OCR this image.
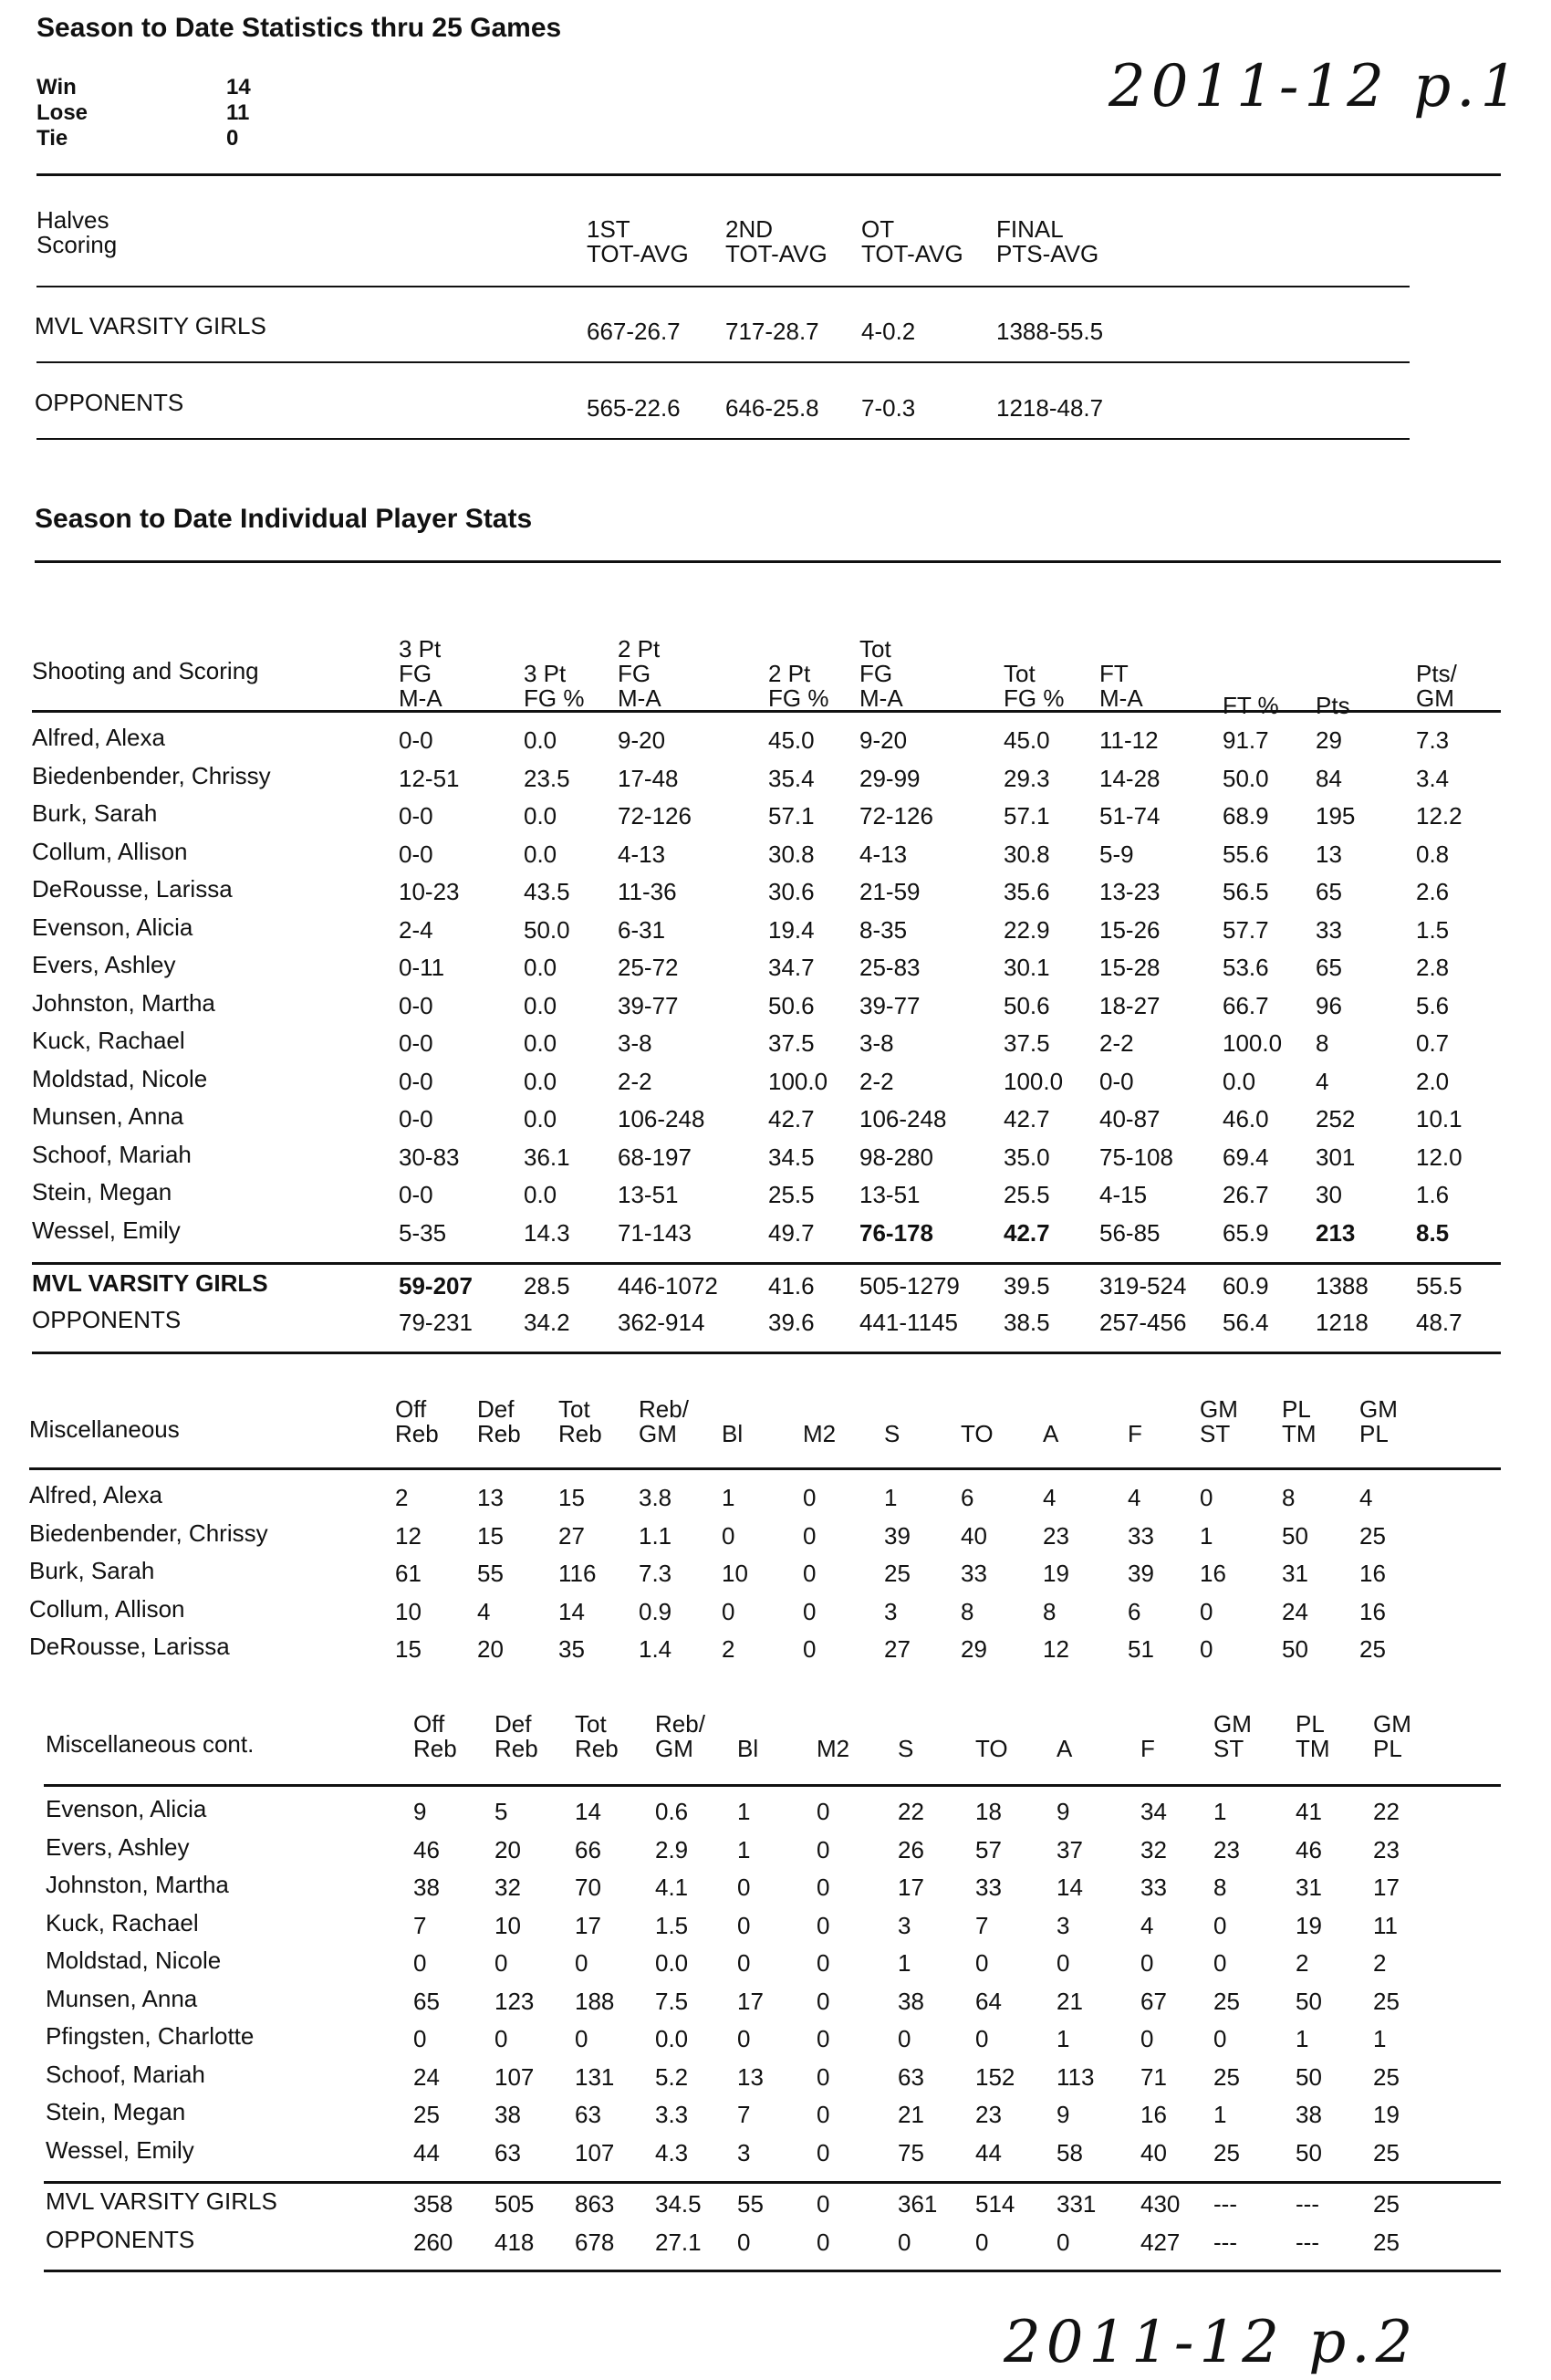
Season to Date Statistics thru 25 Games
Win	14
Lose	11
Tie	0
2011-12 p.1
Halves
Scoring
1ST
TOT-AVG
2ND
TOT-AVG
OT
TOT-AVG
FINAL
PTS-AVG
MVL VARSITY GIRLS	667-26.7 717-28.7 4-0.2	1388-55.5
OPPONENTS	565-22.6 646-25.8 7-0.3	1218-48.7
Season to Date Individual Player Stats
Shooting and Scoring
3 Pt
FG
M-A
3 Pt
FG %
2 Pt
FG
M-A
2 Pt
FG %
Tot
FG
M-A
Tot
FG %
FT
M-A	FT % Pts
Pts/
GM
Alfred, Alexa	0-0	0.0	9-20	45.0 9-20	45.0 11-12	91.7 29	7.3
Biedenbender, Chrissy	12-51	23.5 17-48	35.4 29-99	29.3 14-28	50.0 84	3.4
Burk, Sarah	0-0	0.0	72-126	57.1 72-126	57.1 51-74	68.9 195	12.2
Collum, Allison	0-0	0.0	4-13	30.8 4-13	30.8 5-9	55.6 13	0.8
DeRousse, Larissa	10-23	43.5 11-36	30.6 21-59	35.6 13-23	56.5 65	2.6
Evenson, Alicia	2-4	50.0 6-31	19.4 8-35	22.9 15-26	57.7 33	1.5
Evers, Ashley	0-11	0.0	25-72	34.7 25-83	30.1 15-28	53.6 65	2.8
Johnston, Martha	0-0	0.0	39-77	50.6 39-77	50.6 18-27	66.7 96	5.6
Kuck, Rachael	0-0	0.0	3-8	37.5 3-8	37.5 2-2	100.0 8	0.7
Moldstad, Nicole	0-0	0.0	2-2	100.0 2-2	100.0 0-0	0.0	4	2.0
Munsen, Anna	0-0	0.0	106-248	42.7 106-248 42.7 40-87	46.0 252	10.1
Schoof, Mariah	30-83	36.1 68-197	34.5 98-280	35.0 75-108 69.4 301	12.0
Stein, Megan	0-0	0.0	13-51	25.5 13-51	25.5 4-15	26.7 30	1.6
Wessel, Emily	5-35	14.3 71-143	49.7 76-178	42.7 56-85	65.9 213	8.5
MVL VARSITY GIRLS	59-207 28.5 446-1072 41.6 505-1279 39.5 319-524 60.9 1388 55.5
OPPONENTS	79-231 34.2 362-914	39.6 441-1145 38.5 257-456 56.4 1218 48.7
Miscellaneous
Off
Reb
Def
Reb
Tot
Reb
Reb/
GM Bl	M2 S	TO A	F
GM
ST
PL
TM
GM
PL
Alfred, Alexa	2	13 15 3.8 1	0	1	6	4	4 0	8	4
Biedenbender, Chrissy	12 15 27 1.1 0	0	39 40 23 33 1	50 25
Burk, Sarah	61 55 116 7.3 10 0	25 33 19 39 16 31 16
Collum, Allison	10 4	14 0.9 0	0	3	8	8	6 0	24 16
DeRousse, Larissa	15 20 35 1.4 2	0	27 29 12 51 0	50 25
Miscellaneous cont.
Off
Reb
Def
Reb
Tot
Reb
Reb/
GM Bl M2 S	TO A	F
GM
ST
PL
TM
GM
PL
Evenson, Alicia	9	5	14 0.6 1	0	22 18 9	34 1	41 22
Evers, Ashley	46 20 66 2.9 1	0	26 57 37 32 23 46 23
Johnston, Martha	38 32 70 4.1 0	0	17 33 14 33 8	31 17
Kuck, Rachael	7	10 17 1.5 0	0	3	7	3	4	0	19 11
Moldstad, Nicole	0	0	0	0.0 0	0	1	0	0	0	0	2	2
Munsen, Anna	65 123 188 7.5 17 0	38 64 21 67 25 50 25
Pfingsten, Charlotte	0	0	0	0.0 0	0	0	0	1	0	0	1	1
Schoof, Mariah	24 107 131 5.2 13 0	63 152 113 71 25 50 25
Stein, Megan	25 38 63 3.3 7	0	21 23 9	16 1	38 19
Wessel, Emily	44 63 107 4.3 3	0	75 44 58 40 25 50 25
MVL VARSITY GIRLS	358 505 863 34.5 55 0	361 514 331 430 --- --- 25
OPPONENTS	260 418 678 27.1 0	0	0	0	0	427 --- --- 25
2011-12 p.2
